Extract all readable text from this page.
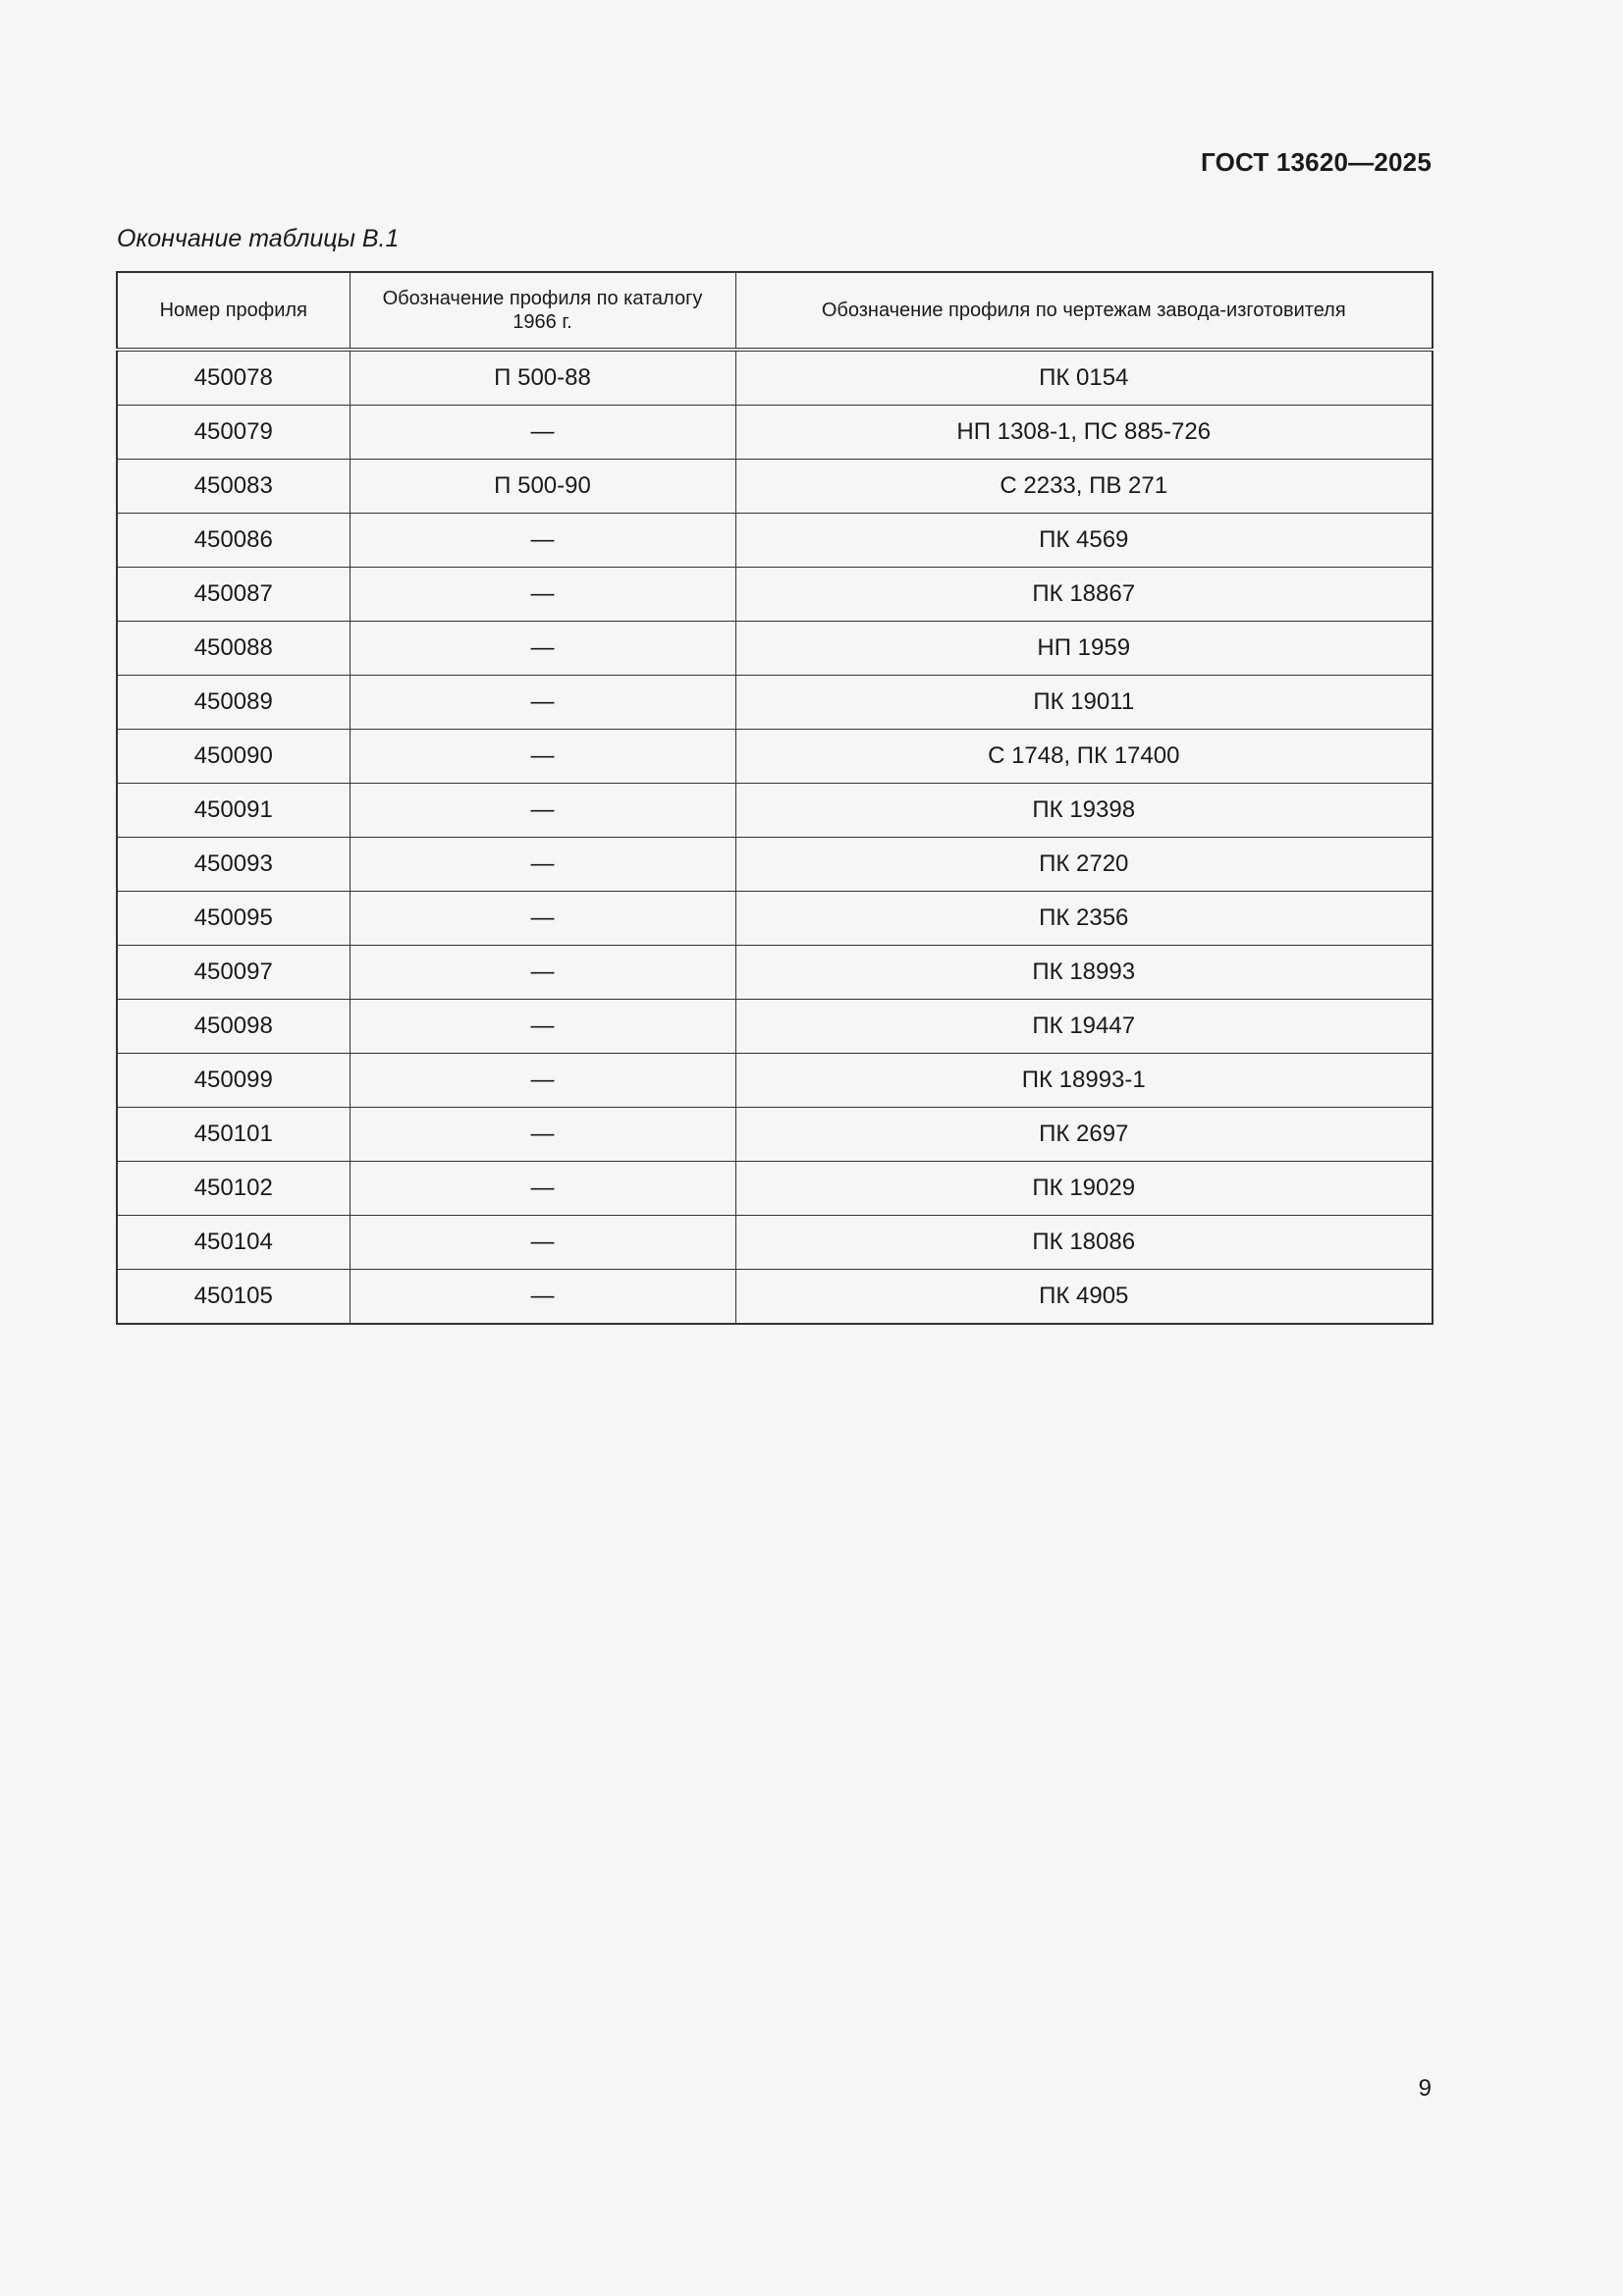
ГОСТ 13620—2025
Окончание таблицы В.1
Номер профиля	Обозначение профиля по каталогу 1966 г.	Обозначение профиля по чертежам завода-изготовителя
450078	П 500-88	ПК 0154
450079	—	НП 1308-1, ПС 885-726
450083	П 500-90	С 2233, ПВ 271
450086	—	ПК 4569
450087	—	ПК 18867
450088	—	НП 1959
450089	—	ПК 19011
450090	—	С 1748, ПК 17400
450091	—	ПК 19398
450093	—	ПК 2720
450095	—	ПК 2356
450097	—	ПК 18993
450098	—	ПК 19447
450099	—	ПК 18993-1
450101	—	ПК 2697
450102	—	ПК 19029
450104	—	ПК 18086
450105	—	ПК 4905
9
